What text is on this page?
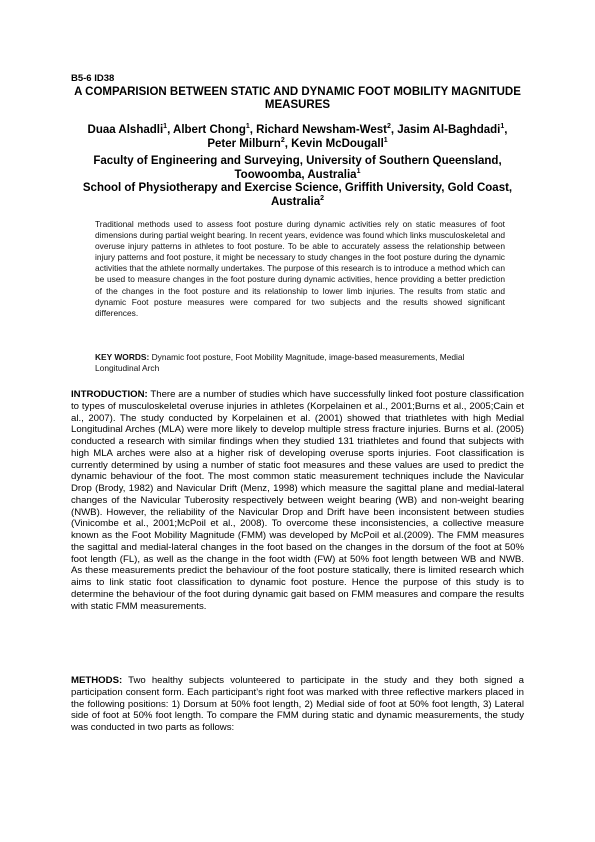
B5-6 ID38
A COMPARISION BETWEEN STATIC AND DYNAMIC FOOT MOBILITY MAGNITUDE MEASURES
Duaa Alshadli$^1$, Albert Chong$^1$, Richard Newsham-West$^2$, Jasim Al-Baghdadi$^1$,
Peter Milburn$^2$, Kevin McDougall$^1$

Faculty of Engineering and Surveying, University of Southern Queensland, Toowoomba, Australia$^1$

School of Physiotherapy and Exercise Science, Griffith University, Gold Coast, Australia$^2$

Traditional methods used to assess foot posture during dynamic activities rely on static measures of foot dimensions during partial weight bearing. In recent years, evidence was found which links musculoskeletal and overuse injury patterns in athletes to foot posture. To be able to accurately assess the relationship between injury patterns and foot posture, it might be necessary to study changes in the foot posture during the dynamic activities that the athlete normally undertakes. The purpose of this research is to introduce a method which can be used to measure changes in the foot posture during dynamic activities, hence providing a better prediction of the changes in the foot posture and its relationship to lower limb injuries. The results from static and dynamic Foot posture measures were compared for two subjects and the results showed significant differences.
KEY WORDS: Dynamic foot posture, Foot Mobility Magnitude, image-based measurements, Medial Longitudinal Arch
INTRODUCTION: There are a number of studies which have successfully linked foot posture classification to types of musculoskeletal overuse injuries in athletes (Korpelainen et al., 2001;Burns et al., 2005;Cain et al., 2007). The study conducted by Korpelainen et al. (2001) showed that triathletes with high Medial Longitudinal Arches (MLA) were more likely to develop multiple stress fracture injuries. Burns et al. (2005) conducted a research with similar findings when they studied 131 triathletes and found that subjects with high MLA arches were also at a higher risk of developing overuse sports injuries. Foot classification is currently determined by using a number of static foot measures and these values are used to predict the dynamic behaviour of the foot. The most common static measurement techniques include the Navicular Drop (Brody, 1982) and Navicular Drift (Menz, 1998) which measure the sagittal plane and medial-lateral changes of the Navicular Tuberosity respectively between weight bearing (WB) and non-weight bearing (NWB). However, the reliability of the Navicular Drop and Drift have been inconsistent between studies (Vinicombe et al., 2001;McPoil et al., 2008). To overcome these inconsistencies, a collective measure known as the Foot Mobility Magnitude (FMM) was developed by McPoil et al.(2009). The FMM measures the sagittal and medial-lateral changes in the foot based on the changes in the dorsum of the foot at 50% foot length (FL), as well as the change in the foot width (FW) at 50% foot length between WB and NWB. As these measurements predict the behaviour of the foot posture statically, there is limited research which aims to link static foot classification to dynamic foot posture. Hence the purpose of this study is to determine the behaviour of the foot during dynamic gait based on FMM measures and compare the results with static FMM measurements.
METHODS: Two healthy subjects volunteered to participate in the study and they both signed a participation consent form. Each participant’s right foot was marked with three reflective markers placed in the following positions: 1) Dorsum at 50% foot length, 2) Medial side of foot at 50% foot length, 3) Lateral side of foot at 50% foot length. To compare the FMM during static and dynamic measurements, the study was conducted in two parts as follows:
